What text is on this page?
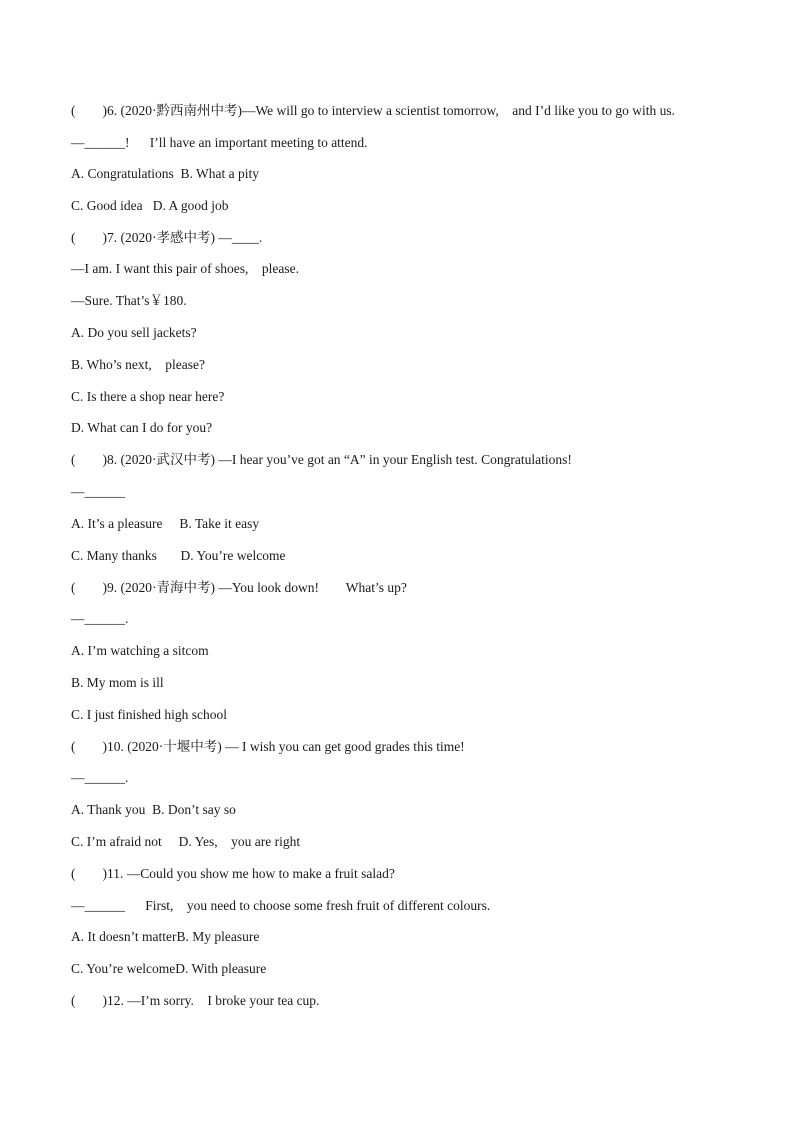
(        )6. (2020·黔西南州中考)—We will go to interview a scientist tomorrow,    and I’d like you to go with us.
—______!      I’ll have an important meeting to attend.
A. Congratulations  B. What a pity
C. Good idea   D. A good job
(        )7. (2020·孝感中考) —____.
—I am. I want this pair of shoes,    please.
—Sure. That’s￥180.
A. Do you sell jackets?
B. Who’s next,    please?
C. Is there a shop near here?
D. What can I do for you?
(        )8. (2020·武汉中考) —I hear you’ve got an “A” in your English test. Congratulations!
—______
A. It’s a pleasure     B. Take it easy
C. Many thanks       D. You’re welcome
(        )9. (2020·青海中考) —You look down!        What’s up?
—______.
A. I’m watching a sitcom
B. My mom is ill
C. I just finished high school
(        )10. (2020·十堰中考) — I wish you can get good grades this time!
—______.
A. Thank you  B. Don’t say so
C. I’m afraid not     D. Yes,    you are right
(        )11. —Could you show me how to make a fruit salad?
—______      First,    you need to choose some fresh fruit of different colours.
A. It doesn’t matterB. My pleasure
C. You’re welcomeD. With pleasure
(        )12. —I’m sorry.    I broke your tea cup.
